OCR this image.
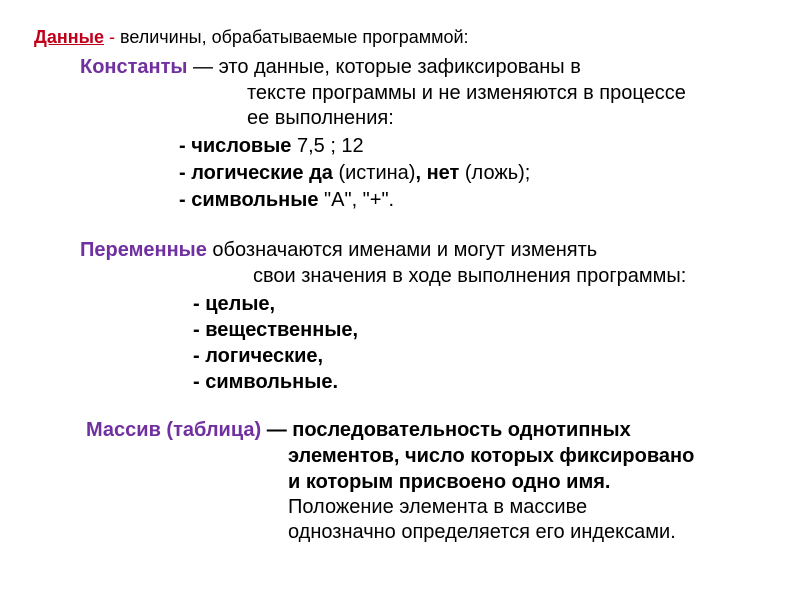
Данные - величины, обрабатываемые программой:
Константы — это данные, которые зафиксированы в
тексте программы и не изменяются в процессе
ее выполнения:
- числовые 7,5 ; 12
- логические да (истина), нет (ложь);
- символьные "А", "+".
Переменные обозначаются именами и могут изменять
свои значения в ходе выполнения программы:
- целые,
- вещественные,
- логические,
- символьные.
Массив (таблица) — последовательность однотипных
элементов, число которых фиксировано
и которым присвоено одно имя.
Положение элемента в массиве
однозначно определяется его индексами.
